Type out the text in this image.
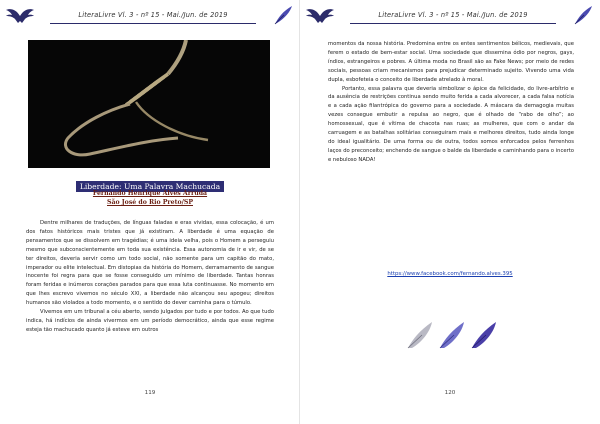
LiteraLivre Vl. 3 - nº 15 - Mai./Jun. de 2019
Liberdade: Uma Palavra Machucada
Fernando Henrique Alves Arruda
São José do Rio Preto/SP

Dentre milhares de traduções, de línguas faladas e eras vividas, essa colocação, é um dos fatos históricos mais tristes que já existiram. A liberdade é uma equação de pensamentos que se dissolvem em tragédias; é uma ideia velha, pois o Homem a perseguiu mesmo que subconscientemente em toda sua existência. Essa autonomia de ir e vir, de se ter direitos, deveria servir como um todo social, não somente para um capitão do mato, imperador ou elite intelectual. Em distopias da história do Homem, derramamento de sangue inocente foi regra para que se fosse conseguido um mínimo de liberdade. Tantas honras foram feridas e inúmeros corações parados para que essa luta continuasse. No momento em que lhes escrevo vivemos no século XXI, a liberdade não alcançou seu apogeu; direitos humanos são violados a todo momento, e o sentido do dever caminha para o túmulo.

Vivemos em um tribunal a céu aberto, sendo julgados por tudo e por todos. Ao que tudo indica, há indícios de ainda vivermos em um período democrático, ainda que esse regime esteja tão machucado quanto já esteve em outros

119
LiteraLivre Vl. 3 - nº 15 - Mai./Jun. de 2019

momentos da nossa história. Predomina entre os entes sentimentos bélicos, medievais, que ferem o estado de bem-estar social. Uma sociedade que dissemina ódio por negros, gays, índios, estrangeiros e pobres. A última moda no Brasil são as Fake News; por meio de redes sociais, pessoas criam mecanismos para prejudicar determinado sujeito. Vivendo uma vida dupla, esbofeteia o conceito de liberdade atrelado à moral.

Portanto, essa palavra que deveria simbolizar o ápice da felicidade, do livre-arbítrio e da ausência de restrições continua sendo muito ferida a cada alvorecer, a cada falsa notícia e a cada ação filantrópica do governo para a sociedade. A máscara da demagogia muitas vezes consegue embutir a repulsa ao negro, que é olhado de “rabo de olho”; ao homossexual, que é vítima de chacota nas ruas; as mulheres, que com o andar da carruagem e as batalhas solitárias conseguiram mais e melhores direitos, tudo ainda longe do ideal igualitário. De uma forma ou de outra, todos somos enforcados pelos ferrenhos laços do preconceito; enchendo de sangue o balde da liberdade e caminhando para o incerto e nebuloso NADA!

https://www.facebook.com/fernando.alves.395
120
